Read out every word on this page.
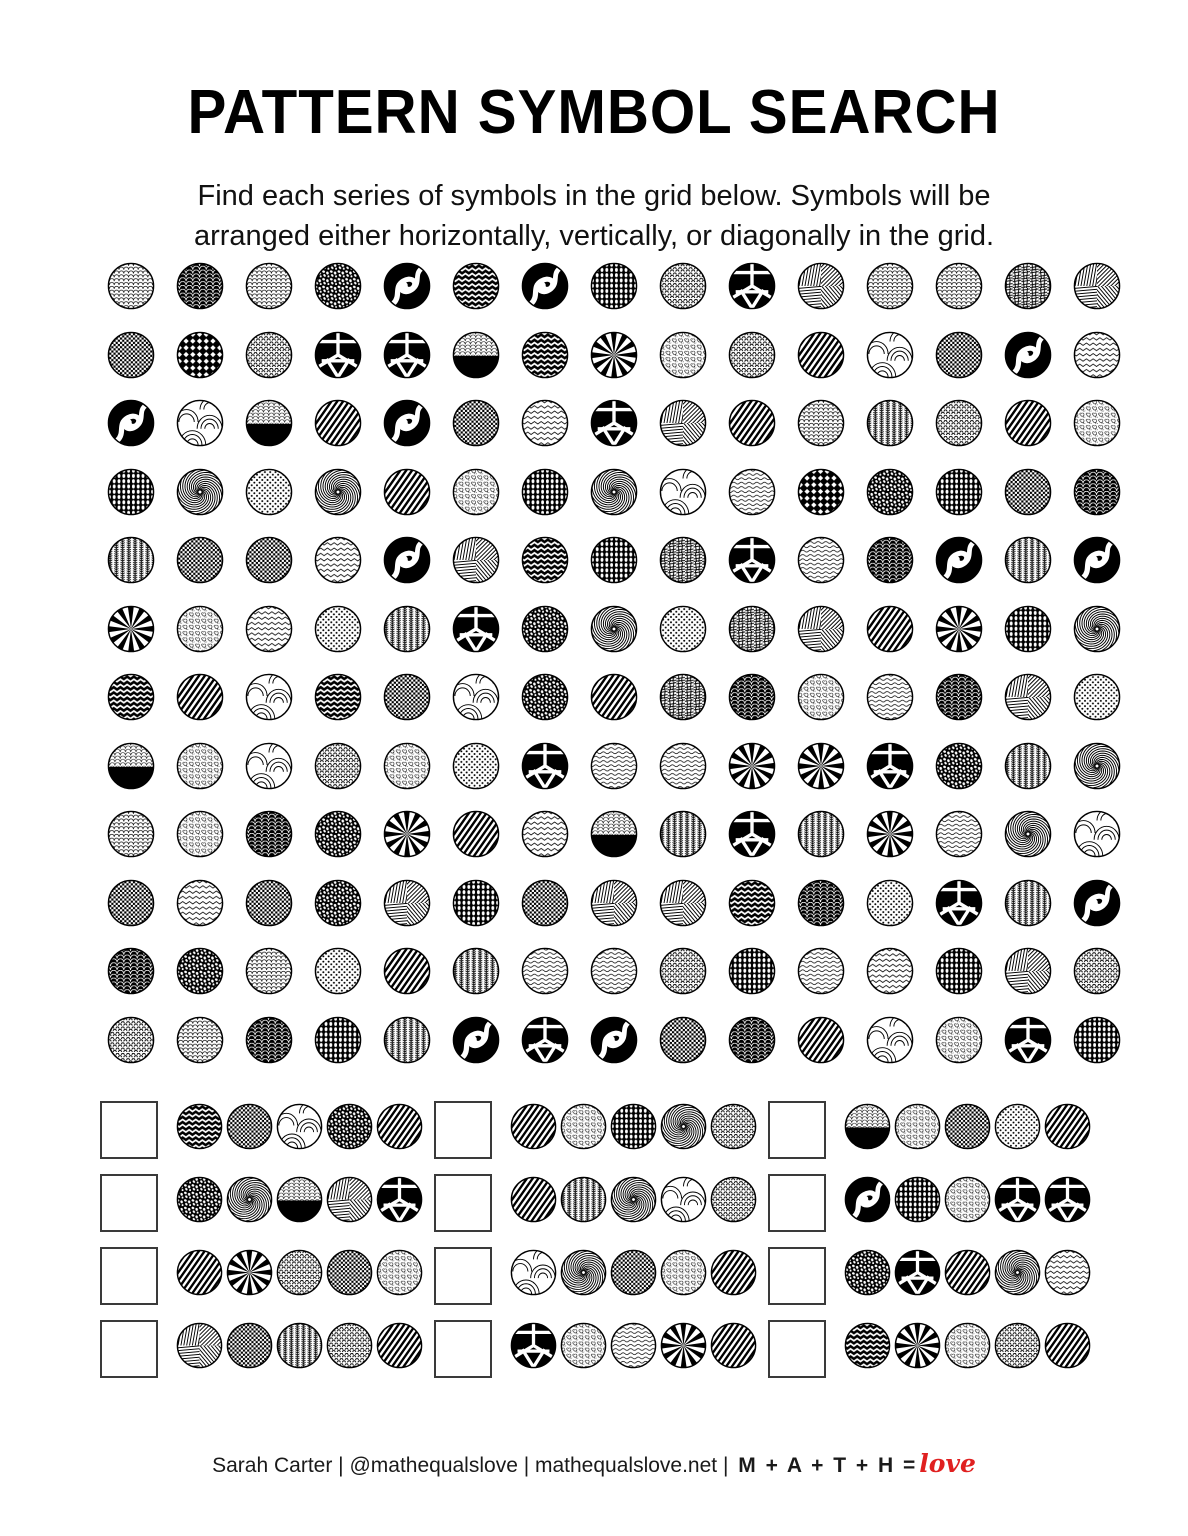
PATTERN SYMBOL SEARCH
Find each series of symbols in the grid below. Symbols will be
arranged either horizontally, vertically, or diagonally in the grid.
Sarah Carter | @mathequalslove | mathequalslove.net | M + A + T + H =love
